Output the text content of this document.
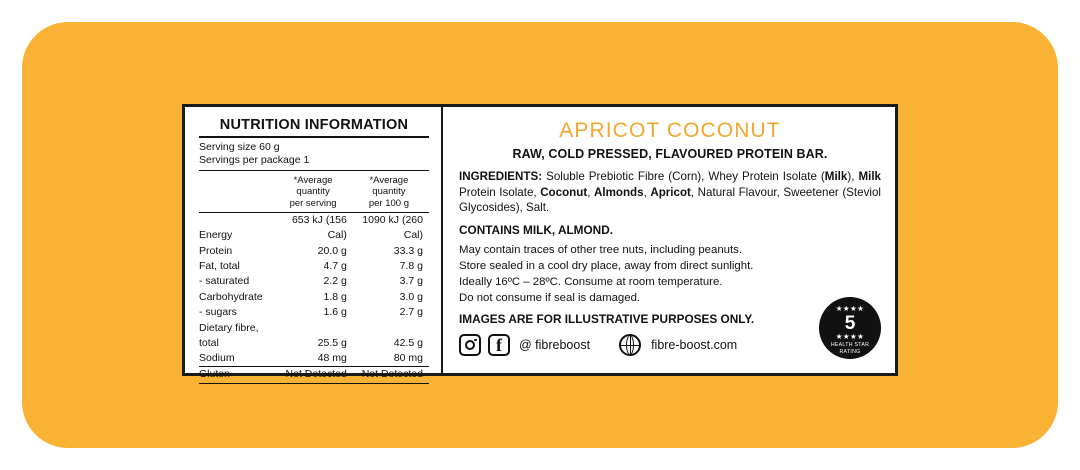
NUTRITION INFORMATION
Serving size 60 g
Servings per package 1

*Average
quantity
per serving

*Average
quantity
per 100 g

Energy	653 kJ (156 Cal)	1090 kJ (260 Cal)
Protein	20.0 g	33.3 g
Fat, total	4.7 g	7.8 g
- saturated	2.2 g	3.7 g
Carbohydrate	1.8 g	3.0 g
- sugars	1.6 g	2.7 g
Dietary fibre, total	25.5 g	42.5 g
Sodium	48 mg	80 mg
Gluten	Not Detected	Not Detected
APRICOT COCONUT
RAW, COLD PRESSED, FLAVOURED PROTEIN BAR.
INGREDIENTS: Soluble Prebiotic Fibre (Corn), Whey Protein Isolate (Milk), Milk Protein Isolate, Coconut, Almonds, Apricot, Natural Flavour, Sweetener (Steviol Glycosides), Salt.
CONTAINS MILK, ALMOND.
May contain traces of other tree nuts, including peanuts.
Store sealed in a cool dry place, away from direct sunlight.
Ideally 16ºC – 28ºC. Consume at room temperature.
Do not consume if seal is damaged.
IMAGES ARE FOR ILLUSTRATIVE PURPOSES ONLY.
f	@ fibreboost	fibre-boost.com
★★★★
5
★★★★
HEALTH STAR
RATING
